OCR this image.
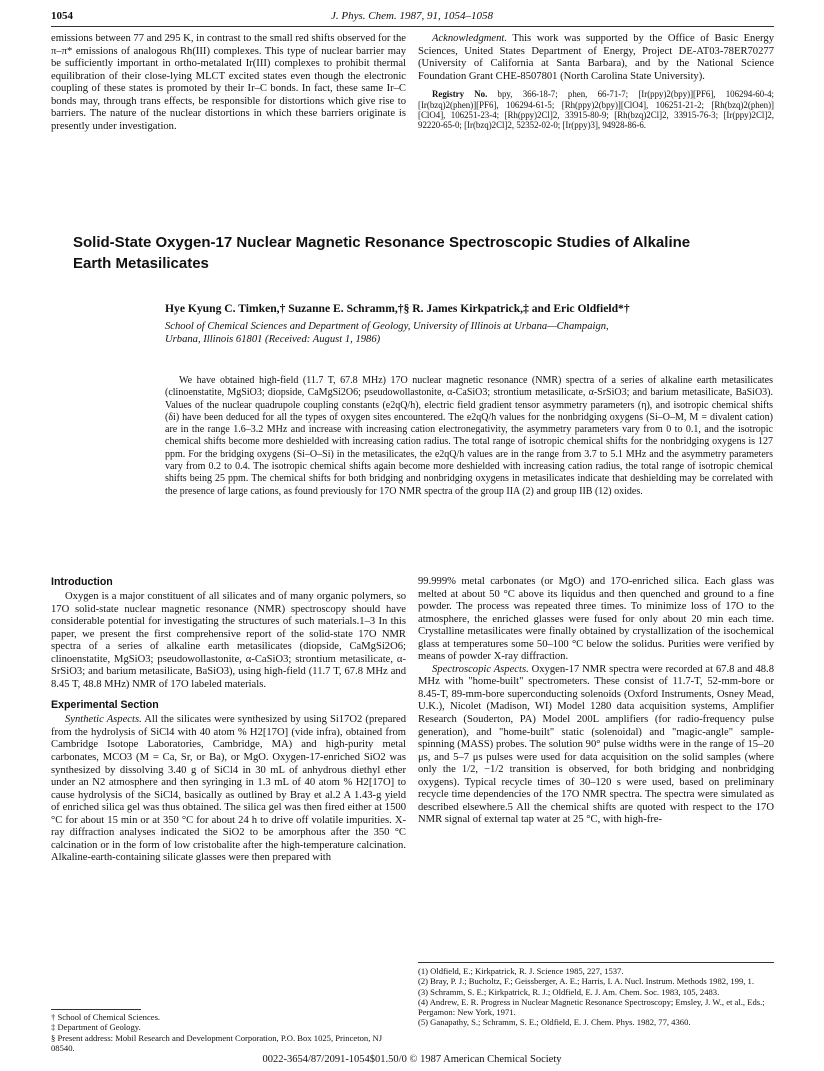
1054	J. Phys. Chem. 1987, 91, 1054–1058

emissions between 77 and 295 K, in contrast to the small red shifts observed for the π–π* emissions of analogous Rh(III) complexes. This type of nuclear barrier may be sufficiently important in ortho-metalated Ir(III) complexes to prohibit thermal equilibration of their close-lying MLCT excited states even though the electronic coupling of these states is promoted by their Ir–C bonds. In fact, these same Ir–C bonds may, through trans effects, be responsible for distortions which give rise to barriers. The nature of the nuclear distortions in which these barriers originate is presently under investigation.

Acknowledgment. This work was supported by the Office of Basic Energy Sciences, United States Department of Energy, Project DE-AT03-78ER70277 (University of California at Santa Barbara), and by the National Science Foundation Grant CHE-8507801 (North Carolina State University).

Registry No. bpy, 366-18-7; phen, 66-71-7; [Ir(ppy)2(bpy)][PF6], 106294-60-4; [Ir(bzq)2(phen)][PF6], 106294-61-5; [Rh(ppy)2(bpy)][ClO4], 106251-21-2; [Rh(bzq)2(phen)][ClO4], 106251-23-4; [Rh(ppy)2Cl]2, 33915-80-9; [Rh(bzq)2Cl]2, 33915-76-3; [Ir(ppy)2Cl]2, 92220-65-0; [Ir(bzq)2Cl]2, 52352-02-0; [Ir(ppy)3], 94928-86-6.

Solid-State Oxygen-17 Nuclear Magnetic Resonance Spectroscopic Studies of Alkaline
Earth Metasilicates

Hye Kyung C. Timken,† Suzanne E. Schramm,†§ R. James Kirkpatrick,‡ and Eric Oldfield*†

School of Chemical Sciences and Department of Geology, University of Illinois at Urbana—Champaign,
Urbana, Illinois 61801 (Received: August 1, 1986)

We have obtained high-field (11.7 T, 67.8 MHz) 17O nuclear magnetic resonance (NMR) spectra of a series of alkaline earth metasilicates (clinoenstatite, MgSiO3; diopside, CaMgSi2O6; pseudowollastonite, α-CaSiO3; strontium metasilicate, α-SrSiO3; and barium metasilicate, BaSiO3). Values of the nuclear quadrupole coupling constants (e2qQ/h), electric field gradient tensor asymmetry parameters (η), and isotropic chemical shifts (δi) have been deduced for all the types of oxygen sites encountered. The e2qQ/h values for the nonbridging oxygens (Si–O–M, M = divalent cation) are in the range 1.6–3.2 MHz and increase with increasing cation electronegativity, the asymmetry parameters vary from 0 to 0.1, and the isotropic chemical shifts become more deshielded with increasing cation radius. The total range of isotropic chemical shifts for the nonbridging oxygens is 127 ppm. For the bridging oxygens (Si–O–Si) in the metasilicates, the e2qQ/h values are in the range from 3.7 to 5.1 MHz and the asymmetry parameters vary from 0.2 to 0.4. The isotropic chemical shifts again become more deshielded with increasing cation radius, the total range of isotropic chemical shifts being 25 ppm. The chemical shifts for both bridging and nonbridging oxygens in metasilicates indicate that deshielding may be correlated with the presence of large cations, as found previously for 17O NMR spectra of the group IIA (2) and group IIB (12) oxides.

Introduction

Oxygen is a major constituent of all silicates and of many organic polymers, so 17O solid-state nuclear magnetic resonance (NMR) spectroscopy should have considerable potential for investigating the structures of such materials.1–3 In this paper, we present the first comprehensive report of the solid-state 17O NMR spectra of a series of alkaline earth metasilicates (diopside, CaMgSi2O6; clinoenstatite, MgSiO3; pseudowollastonite, α-CaSiO3; strontium metasilicate, α-SrSiO3; and barium metasilicate, BaSiO3), using high-field (11.7 T, 67.8 MHz and 8.45 T, 48.8 MHz) NMR of 17O labeled materials.

Experimental Section

Synthetic Aspects. All the silicates were synthesized by using Si17O2 (prepared from the hydrolysis of SiCl4 with 40 atom % H2[17O] (vide infra), obtained from Cambridge Isotope Laboratories, Cambridge, MA) and high-purity metal carbonates, MCO3 (M = Ca, Sr, or Ba), or MgO. Oxygen-17-enriched SiO2 was synthesized by dissolving 3.40 g of SiCl4 in 30 mL of anhydrous diethyl ether under an N2 atmosphere and then syringing in 1.3 mL of 40 atom % H2[17O] to cause hydrolysis of the SiCl4, basically as outlined by Bray et al.2 A 1.43-g yield of enriched silica gel was thus obtained. The silica gel was then fired either at 1500 °C for about 15 min or at 350 °C for about 24 h to drive off volatile impurities. X-ray diffraction analyses indicated the SiO2 to be amorphous after the 350 °C calcination or in the form of low cristobalite after the high-temperature calcination. Alkaline-earth-containing silicate glasses were then prepared with

† School of Chemical Sciences.
‡ Department of Geology.
§ Present address: Mobil Research and Development Corporation, P.O. Box 1025, Princeton, NJ 08540.

99.999% metal carbonates (or MgO) and 17O-enriched silica. Each glass was melted at about 50 °C above its liquidus and then quenched and ground to a fine powder. The process was repeated three times. To minimize loss of 17O to the atmosphere, the enriched glasses were fused for only about 20 min each time. Crystalline metasilicates were finally obtained by crystallization of the isochemical glass at temperatures some 50–100 °C below the solidus. Purities were verified by means of powder X-ray diffraction.

Spectroscopic Aspects. Oxygen-17 NMR spectra were recorded at 67.8 and 48.8 MHz with "home-built" spectrometers. These consist of 11.7-T, 52-mm-bore or 8.45-T, 89-mm-bore superconducting solenoids (Oxford Instruments, Osney Mead, U.K.), Nicolet (Madison, WI) Model 1280 data acquisition systems, Amplifier Research (Souderton, PA) Model 200L amplifiers (for radio-frequency pulse generation), and "home-built" static (solenoidal) and "magic-angle" sample-spinning (MASS) probes. The solution 90° pulse widths were in the range of 15–20 μs, and 5–7 μs pulses were used for data acquisition on the solid samples (where only the 1/2, −1/2 transition is observed, for both bridging and nonbridging oxygens). Typical recycle times of 30–120 s were used, based on preliminary recycle time dependencies of the 17O NMR spectra. The spectra were simulated as described elsewhere.5 All the chemical shifts are quoted with respect to the 17O NMR signal of external tap water at 25 °C, with high-fre-

(1) Oldfield, E.; Kirkpatrick, R. J. Science 1985, 227, 1537.
(2) Bray, P. J.; Bucholtz, F.; Geissberger, A. E.; Harris, I. A. Nucl. Instrum. Methods 1982, 199, 1.
(3) Schramm, S. E.; Kirkpatrick, R. J.; Oldfield, E. J. Am. Chem. Soc. 1983, 105, 2483.
(4) Andrew, E. R. Progress in Nuclear Magnetic Resonance Spectroscopy; Emsley, J. W., et al., Eds.; Pergamon: New York, 1971.
(5) Ganapathy, S.; Schramm, S. E.; Oldfield, E. J. Chem. Phys. 1982, 77, 4360.
0022-3654/87/2091-1054$01.50/0 © 1987 American Chemical Society
